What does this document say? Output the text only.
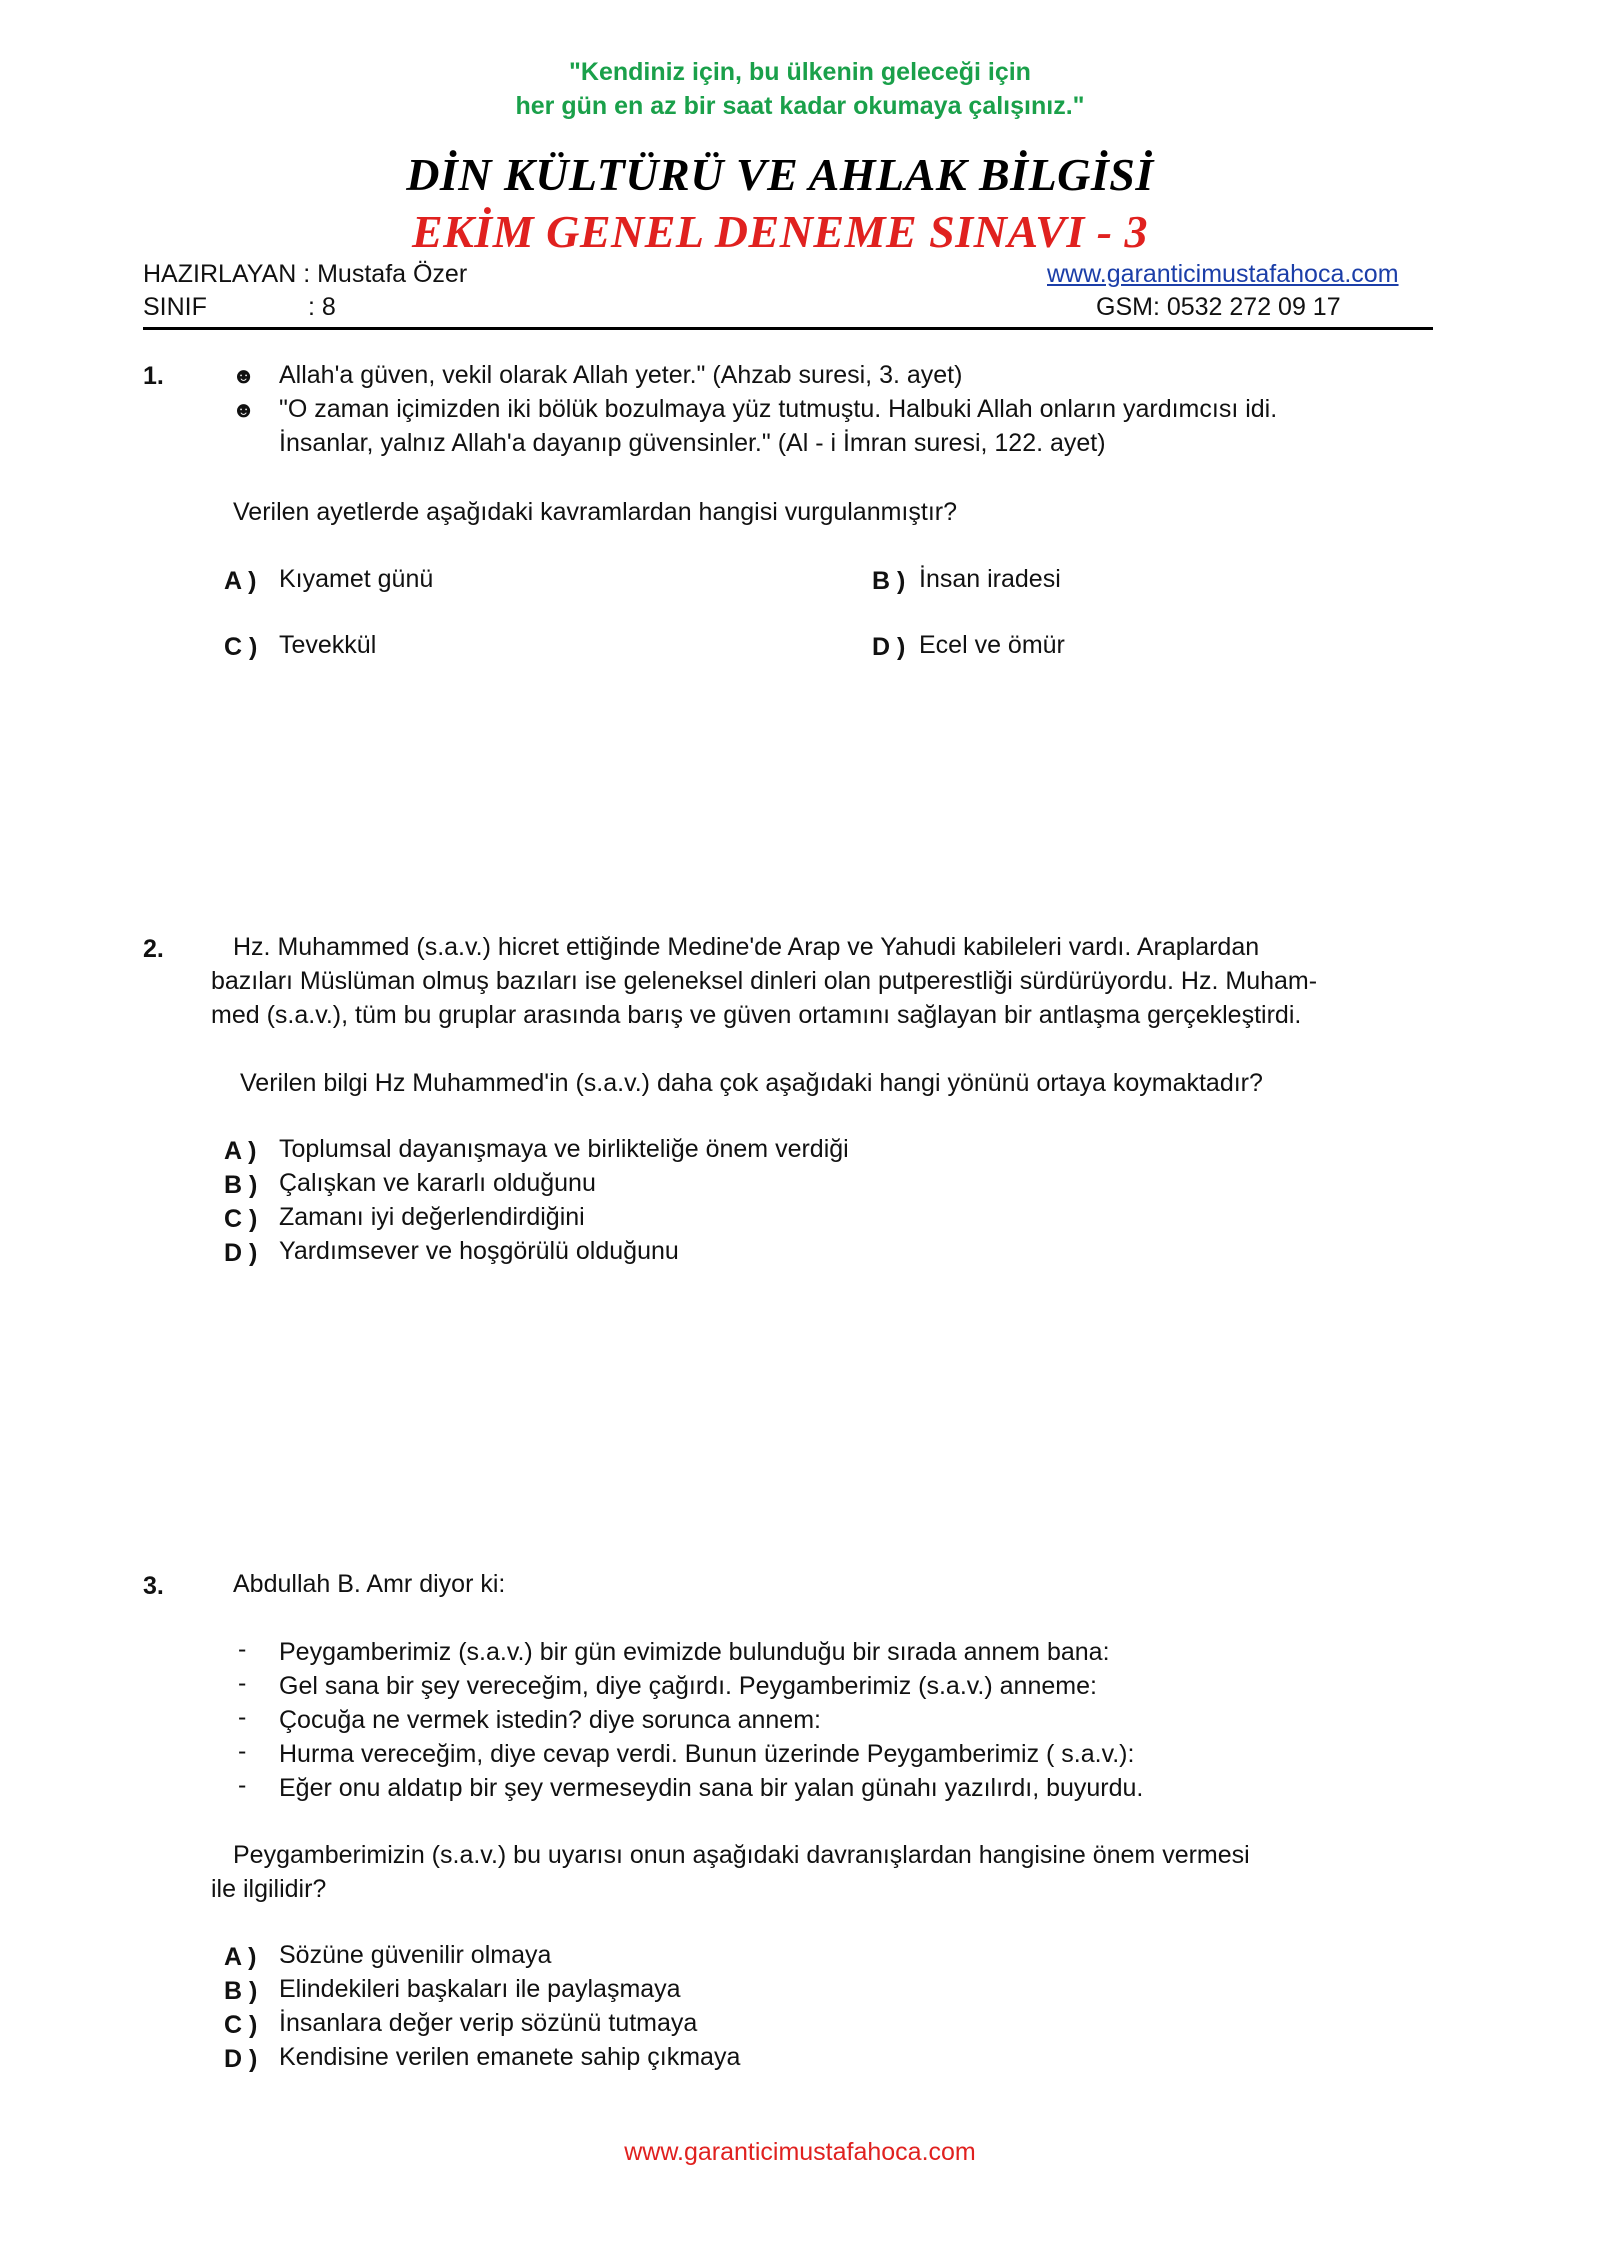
"Kendiniz için, bu ülkenin geleceği için
her gün en az bir saat kadar okumaya çalışınız."
DİN KÜLTÜRÜ VE AHLAK BİLGİSİ
EKİM GENEL DENEME SINAVI - 3
HAZIRLAYAN : Mustafa Özer	www.garanticimustafahoca.com
SINIF	: 8	GSM: 0532 272 09 17
1.	☻ Allah'a güven, vekil olarak Allah yeter." (Ahzab suresi, 3. ayet)
☻ "O zaman içimizden iki bölük bozulmaya yüz tutmuştu. Halbuki Allah onların yardımcısı idi.
İnsanlar, yalnız Allah'a dayanıp güvensinler." (Al - i İmran suresi, 122. ayet)
Verilen ayetlerde aşağıdaki kavramlardan hangisi vurgulanmıştır?
A ) Kıyamet günü	B ) İnsan iradesi
C ) Tevekkül	D ) Ecel ve ömür
2.	Hz. Muhammed (s.a.v.) hicret ettiğinde Medine'de Arap ve Yahudi kabileleri vardı. Araplardan
bazıları Müslüman olmuş bazıları ise geleneksel dinleri olan putperestliği sürdürüyordu. Hz. Muham-
med (s.a.v.), tüm bu gruplar arasında barış ve güven ortamını sağlayan bir antlaşma gerçekleştirdi.
Verilen bilgi Hz Muhammed'in (s.a.v.) daha çok aşağıdaki hangi yönünü ortaya koymaktadır?
A ) Toplumsal dayanışmaya ve birlikteliğe önem verdiği
B ) Çalışkan ve kararlı olduğunu
C ) Zamanı iyi değerlendirdiğini
D ) Yardımsever ve hoşgörülü olduğunu
3.	Abdullah B. Amr diyor ki:
- Peygamberimiz (s.a.v.) bir gün evimizde bulunduğu bir sırada annem bana:
- Gel sana bir şey vereceğim, diye çağırdı. Peygamberimiz (s.a.v.) anneme:
- Çocuğa ne vermek istedin? diye sorunca annem:
- Hurma vereceğim, diye cevap verdi. Bunun üzerinde Peygamberimiz ( s.a.v.):
- Eğer onu aldatıp bir şey vermeseydin sana bir yalan günahı yazılırdı, buyurdu.
Peygamberimizin (s.a.v.) bu uyarısı onun aşağıdaki davranışlardan hangisine önem vermesi
ile ilgilidir?
A ) Sözüne güvenilir olmaya
B ) Elindekileri başkaları ile paylaşmaya
C ) İnsanlara değer verip sözünü tutmaya
D ) Kendisine verilen emanete sahip çıkmaya
www.garanticimustafahoca.com
